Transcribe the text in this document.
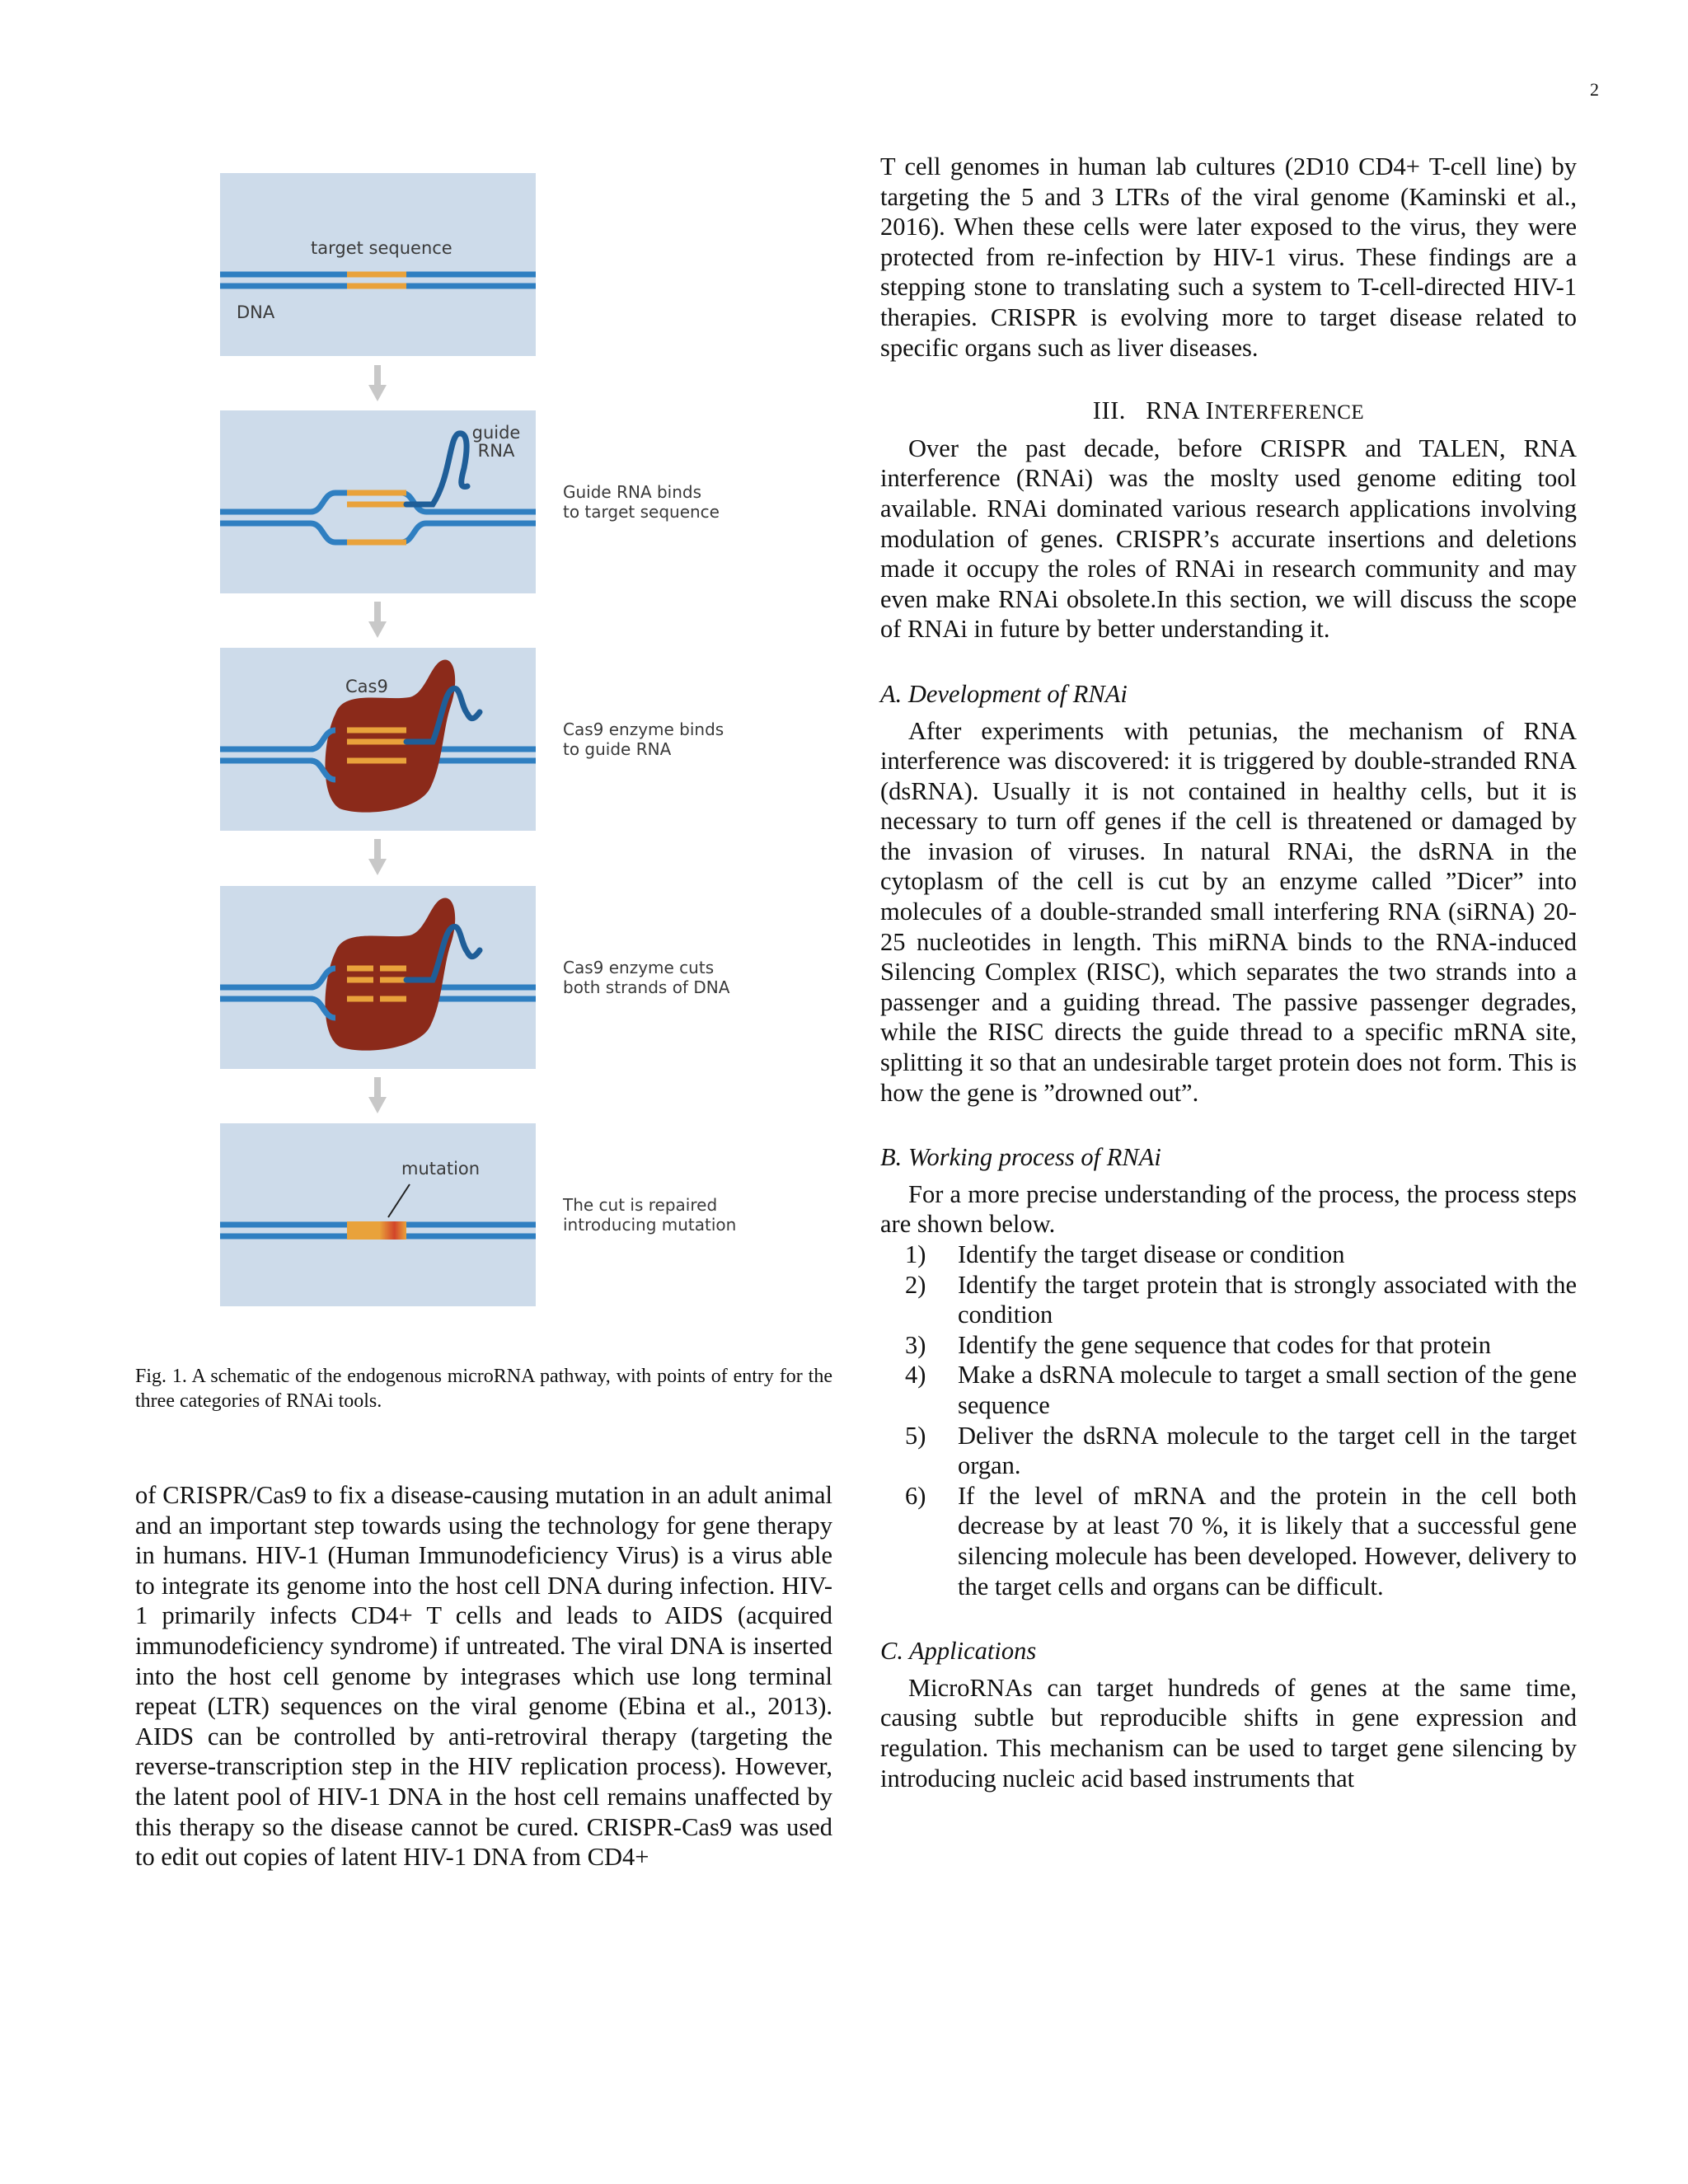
2
target sequence
DNA
guide
RNA
Guide RNA binds
to target sequence
Cas9
Cas9 enzyme binds
to guide RNA
Cas9 enzyme cuts
both strands of DNA
mutation
The cut is repaired
introducing mutation
Fig. 1. A schematic of the endogenous microRNA pathway, with points of entry for the three categories of RNAi tools.

of CRISPR/Cas9 to fix a disease-causing mutation in an adult animal and an important step towards using the technology for gene therapy in humans. HIV-1 (Human Immunodeficiency Virus) is a virus able to integrate its genome into the host cell DNA during infection. HIV-1 primarily infects CD4+ T cells and leads to AIDS (acquired immunodeficiency syndrome) if untreated. The viral DNA is inserted into the host cell genome by integrases which use long terminal repeat (LTR) sequences on the viral genome (Ebina et al., 2013). AIDS can be controlled by anti-retroviral therapy (targeting the reverse-transcription step in the HIV replication process). However, the latent pool of HIV-1 DNA in the host cell remains unaffected by this therapy so the disease cannot be cured. CRISPR-Cas9 was used to edit out copies of latent HIV-1 DNA from CD4+

T cell genomes in human lab cultures (2D10 CD4+ T-cell line) by targeting the 5 and 3 LTRs of the viral genome (Kaminski et al., 2016). When these cells were later exposed to the virus, they were protected from re-infection by HIV-1 virus. These findings are a stepping stone to translating such a system to T-cell-directed HIV-1 therapies. CRISPR is evolving more to target disease related to specific organs such as liver diseases.

III. RNA INTERFERENCE

Over the past decade, before CRISPR and TALEN, RNA interference (RNAi) was the moslty used genome editing tool available. RNAi dominated various research applications involving modulation of genes. CRISPR’s accurate insertions and deletions made it occupy the roles of RNAi in research community and may even make RNAi obsolete.In this section, we will discuss the scope of RNAi in future by better understanding it.

A. Development of RNAi

After experiments with petunias, the mechanism of RNA interference was discovered: it is triggered by double-stranded RNA (dsRNA). Usually it is not contained in healthy cells, but it is necessary to turn off genes if the cell is threatened or damaged by the invasion of viruses. In natural RNAi, the dsRNA in the cytoplasm of the cell is cut by an enzyme called ”Dicer” into molecules of a double-stranded small interfering RNA (siRNA) 20-25 nucleotides in length. This miRNA binds to the RNA-induced Silencing Complex (RISC), which separates the two strands into a passenger and a guiding thread. The passive passenger degrades, while the RISC directs the guide thread to a specific mRNA site, splitting it so that an undesirable target protein does not form. This is how the gene is ”drowned out”.

B. Working process of RNAi

For a more precise understanding of the process, the process steps are shown below.

1) Identify the target disease or condition
2) Identify the target protein that is strongly associated with the condition
3) Identify the gene sequence that codes for that protein
4) Make a dsRNA molecule to target a small section of the gene sequence
5) Deliver the dsRNA molecule to the target cell in the target organ.
6) If the level of mRNA and the protein in the cell both decrease by at least 70 %, it is likely that a successful gene silencing molecule has been developed. However, delivery to the target cells and organs can be difficult.
C. Applications

MicroRNAs can target hundreds of genes at the same time, causing subtle but reproducible shifts in gene expression and regulation. This mechanism can be used to target gene silencing by introducing nucleic acid based instruments that
